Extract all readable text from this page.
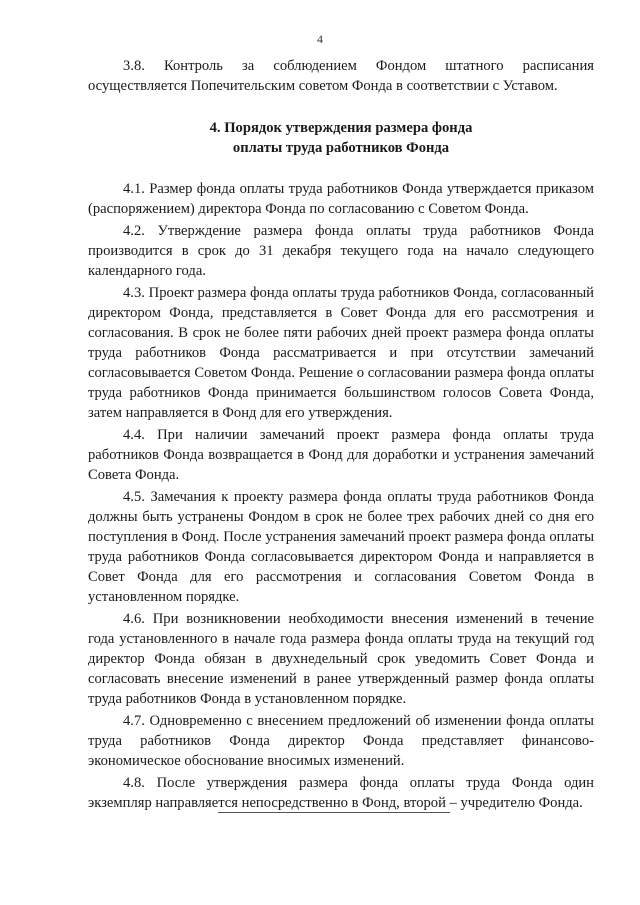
4

3.8. Контроль за соблюдением Фондом штатного расписания осуществляется Попечительским советом Фонда в соответствии с Уставом.

4. Порядок утверждения размера фонда
оплаты труда работников Фонда

4.1. Размер фонда оплаты труда работников Фонда утверждается приказом (распоряжением) директора Фонда по согласованию с Советом Фонда.

4.2. Утверждение размера фонда оплаты труда работников Фонда производится в срок до 31 декабря текущего года на начало следующего календарного года.

4.3. Проект размера фонда оплаты труда работников Фонда, согласованный директором Фонда, представляется в Совет Фонда для его рассмотрения и согласования. В срок не более пяти рабочих дней проект размера фонда оплаты труда работников Фонда рассматривается и при отсутствии замечаний согласовывается Советом Фонда. Решение о согласовании размера фонда оплаты труда работников Фонда принимается большинством голосов Совета Фонда, затем направляется в Фонд для его утверждения.

4.4. При наличии замечаний проект размера фонда оплаты труда работников Фонда возвращается в Фонд для доработки и устранения замечаний Совета Фонда.

4.5. Замечания к проекту размера фонда оплаты труда работников Фонда должны быть устранены Фондом в срок не более трех рабочих дней со дня его поступления в Фонд. После устранения замечаний проект размера фонда оплаты труда работников Фонда согласовывается директором Фонда и направляется в Совет Фонда для его рассмотрения и согласования Советом Фонда в установленном порядке.

4.6. При возникновении необходимости внесения изменений в течение года установленного в начале года размера фонда оплаты труда на текущий год директор Фонда обязан в двухнедельный срок уведомить Совет Фонда и согласовать внесение изменений в ранее утвержденный размер фонда оплаты труда работников Фонда в установленном порядке.

4.7. Одновременно с внесением предложений об изменении фонда оплаты труда работников Фонда директор Фонда представляет финансово-экономическое обоснование вносимых изменений.

4.8. После утверждения размера фонда оплаты труда Фонда один экземпляр направляется непосредственно в Фонд, второй – учредителю Фонда.
